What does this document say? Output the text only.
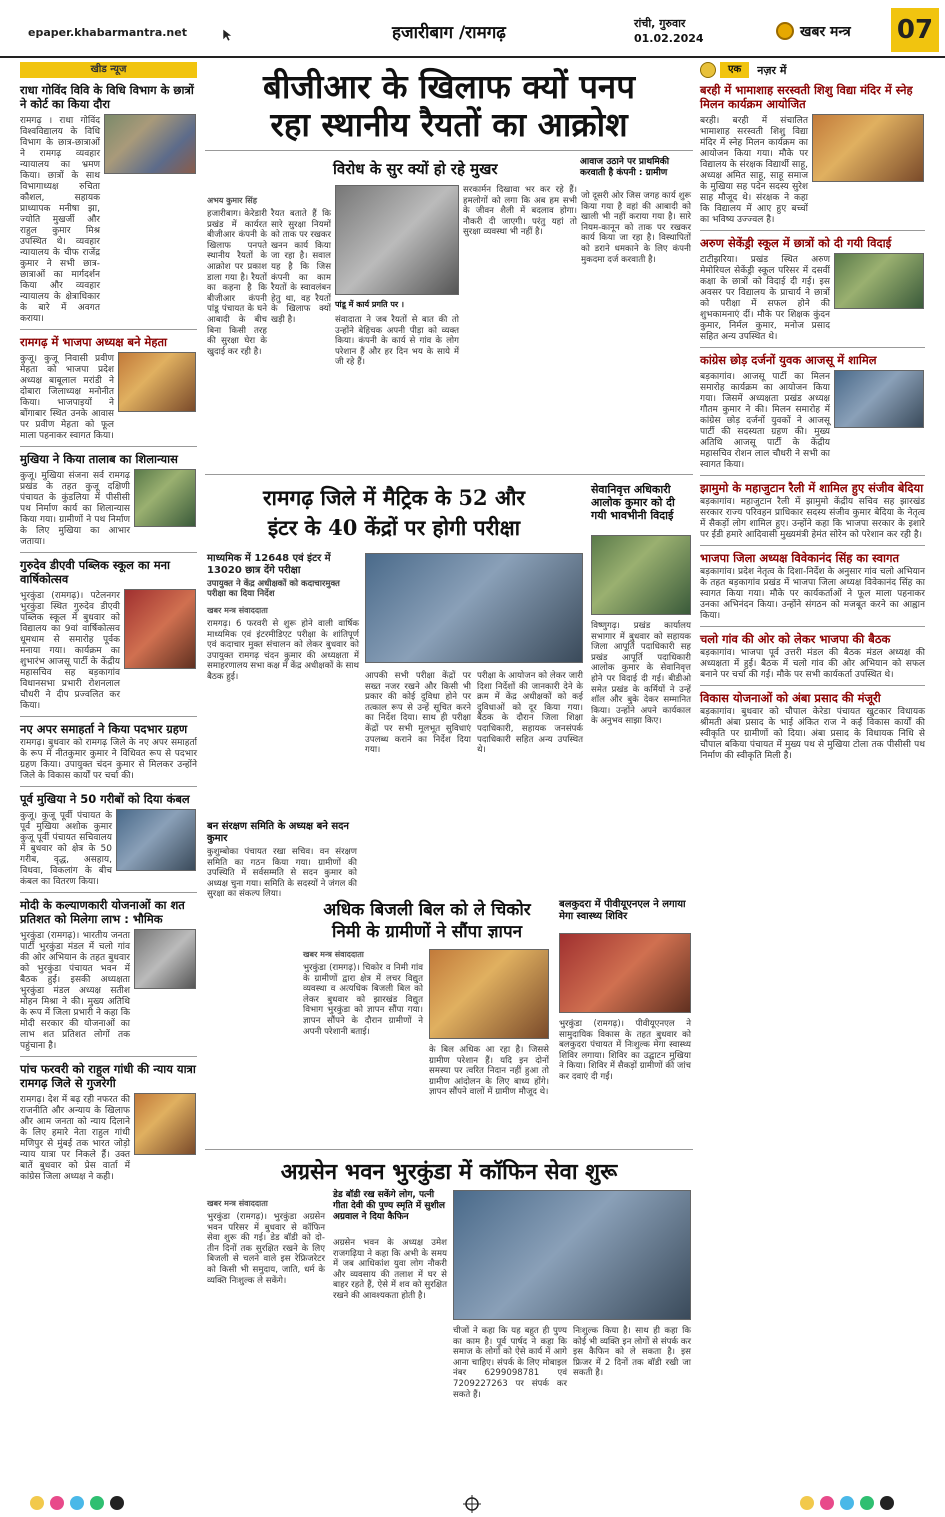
epaper.khabarmantra.net	हजारीबाग /रामगढ़	रांची, गुरुवार
01.02.2024	खबर मन्त्र 07
खीड न्यूज
राधा गोविंद विवि के विधि विभाग के छात्रों ने कोर्ट का किया दौरा
रामगढ़ । राधा गोविंद विश्वविद्यालय के विधि विभाग के छात्र-छात्राओं ने रामगढ़ व्यवहार न्यायालय का भ्रमण किया। छात्रों के साथ विभागाध्यक्ष रुचिता कौशल, सहायक प्राध्यापक मनीषा झा, ज्योति मुखर्जी और राहुल कुमार मिश्र उपस्थित थे। व्यवहार न्यायालय के चीफ राजेंद्र कुमार ने सभी छात्र-छात्राओं का मार्गदर्शन किया और व्यवहार न्यायालय के क्षेत्राधिकार के बारे में अवगत कराया।
रामगढ़ में भाजपा अध्यक्ष बने मेहता
कुजू। कुजू निवासी प्रवीण मेहता को भाजपा प्रदेश अध्यक्ष बाबूलाल मरांडी ने दोबारा जिलाध्यक्ष मनोनीत किया। भाजपाइयों ने बोंगाबार स्थित उनके आवास पर प्रवीण मेहता को फूल माला पहनाकर स्वागत किया।
मुखिया ने किया तालाब का शिलान्यास
कुजू। मुखिया संजना सर्व रामगढ़ प्रखंड के तहत कुजू दक्षिणी पंचायत के कुंडलिया में पीसीसी पथ निर्माण कार्य का शिलान्यास किया गया। ग्रामीणों ने पथ निर्माण के लिए मुखिया का आभार जताया।
गुरुदेव डीएवी पब्लिक स्कूल का मना वार्षिकोत्सव
भुरकुंडा (रामगढ़)। पटेलनगर भुरकुंडा स्थित गुरुदेव डीएवी पब्लिक स्कूल में बुधवार को विद्यालय का 9वां वार्षिकोत्सव धूमधाम से समारोह पूर्वक मनाया गया। कार्यक्रम का शुभारंभ आजसू पार्टी के केंद्रीय महासचिव सह बड़कागांव विधानसभा प्रभारी रोशनलाल चौधरी ने दीप प्रज्वलित कर किया।
नए अपर समाहर्ता ने किया पदभार ग्रहण
रामगढ़। बुधवार को रामगढ़ जिले के नए अपर समाहर्ता के रूप में नीतकुमार कुमार ने विधिवत रूप से पदभार ग्रहण किया। उपायुक्त चंदन कुमार से मिलकर उन्होंने जिले के विकास कार्यों पर चर्चा की।
पूर्व मुखिया ने 50 गरीबों को दिया कंबल
कुजू। कुजू पूर्वी पंचायत के पूर्व मुखिया अशोक कुमार कुजू पूर्वी पंचायत सचिवालय में बुधवार को क्षेत्र के 50 गरीब, वृद्ध, असहाय, विधवा, विकलांग के बीच कंबल का वितरण किया।
मोदी के कल्याणकारी योजनाओं का शत प्रतिशत को मिलेगा लाभ : भौमिक
भुरकुंडा (रामगढ़)। भारतीय जनता पार्टी भुरकुंडा मंडल में चलो गांव की ओर अभियान के तहत बुधवार को भुरकुंडा पंचायत भवन में बैठक हुई। इसकी अध्यक्षता भुरकुंडा मंडल अध्यक्ष सतीश मोहन मिश्रा ने की। मुख्य अतिथि के रूप में जिला प्रभारी ने कहा कि मोदी सरकार की योजनाओं का लाभ शत प्रतिशत लोगों तक पहुंचाना है।
पांच फरवरी को राहुल गांधी की न्याय यात्रा रामगढ़ जिले से गुजरेगी
रामगढ़। देश में बढ़ रही नफरत की राजनीति और अन्याय के खिलाफ और आम जनता को न्याय दिलाने के लिए हमारे नेता राहुल गांधी मणिपुर से मुंबई तक भारत जोड़ो न्याय यात्रा पर निकले हैं। उक्त बातें बुधवार को प्रेस वार्ता में कांग्रेस जिला अध्यक्ष ने कही।
बीजीआर के खिलाफ क्यों पनप
रहा स्थानीय रैयतों का आक्रोश
विरोध के सुर क्यों हो रहे मुखर	आवाज उठाने पर प्राथमिकी करवाती है कंपनी : ग्रामीण
अभय कुमार सिंह
हजारीबाग। केरेडारी प्रखंड में कार्यरत बीजीआर कंपनी के खिलाफ पनपते स्थानीय रैयतों के आक्रोश पर प्रकाश डाला गया है। रैयतों का कहना है कि बीजीआर कंपनी पांडू पंचायत के घने आबादी के बीच बिना किसी तरह की सुरक्षा घेरा के खुदाई कर रही है।
रैयत बताते हैं कि सारे सुरक्षा नियमों को ताक पर रखकर खनन कार्य किया जा रहा है। सवाल यह है कि जिस कंपनी का काम रैयतों के स्वावलंबन हेतु था, वह रैयतों के खिलाफ क्यों खड़ी है।
पांडू में कार्य प्रगति पर ।
संवादाता ने जब रैयतों से बात की तो उन्होंने बेहिचक अपनी पीड़ा को व्यक्त किया। कंपनी के कार्य से गांव के लोग परेशान हैं और हर दिन भय के साये में जी रहे हैं।
सरकार्मन दिखावा भर कर रहे हैं। हमलोगों को लगा कि अब हम सभी के जीवन शैली में बदलाव होगा। नौकरी दी जाएगी। परंतु यहां तो सुरक्षा व्यवस्था भी नहीं है।
जो दूसरी ओर जिस जगह कार्य शुरू किया गया है वहां की आबादी को खाली भी नहीं कराया गया है। सारे नियम-कानून को ताक पर रखकर कार्य किया जा रहा है। विस्थापितों को डराने धमकाने के लिए कंपनी मुकदमा दर्ज करवाती है।
रामगढ़ जिले में मैट्रिक के 52 और
इंटर के 40 केंद्रों पर होगी परीक्षा
माध्यमिक में 12648 एवं इंटर में 13020 छात्र देंगे परीक्षा
उपायुक्त ने केंद्र अधीक्षकों को कदाचारमुक्त परीक्षा का दिया निर्देश
खबर मन्त्र संवाददाता
रामगढ़। 6 फरवरी से शुरू होने वाली वार्षिक माध्यमिक एवं इंटरमीडिएट परीक्षा के शांतिपूर्ण एवं कदाचार मुक्त संचालन को लेकर बुधवार को उपायुक्त रामगढ़ चंदन कुमार की अध्यक्षता में समाहरणालय सभा कक्ष में केंद्र अधीक्षकों के साथ बैठक हुई।	आपकी सभी परीक्षा केंद्रों पर सख्त नजर रखने और किसी भी प्रकार की कोई दुविधा होने पर तत्काल रूप से उन्हें सूचित करने का निर्देश दिया। साथ ही परीक्षा केंद्रों पर सभी मूलभूत सुविधाएं उपलब्ध कराने का निर्देश दिया गया।
परीक्षा के आयोजन को लेकर जारी दिशा निर्देशों की जानकारी देने के क्रम में केंद्र अधीक्षकों को कई दुविधाओं को दूर किया गया। बैठक के दौरान जिला शिक्षा पदाधिकारी, सहायक जनसंपर्क पदाधिकारी सहित अन्य उपस्थित थे।
सेवानिवृत्त अधिकारी आलोक कुमार को दी गयी भावभीनी विदाई
विष्णुगढ़। प्रखंड कार्यालय सभागार में बुधवार को सहायक जिला आपूर्ति पदाधिकारी सह प्रखंड आपूर्ति पदाधिकारी आलोक कुमार के सेवानिवृत्त होने पर विदाई दी गई। बीडीओ समेत प्रखंड के कर्मियों ने उन्हें शॉल और बुके देकर सम्मानित किया। उन्होंने अपने कार्यकाल के अनुभव साझा किए।
बन संरक्षण समिति के अध्यक्ष बने सदन कुमार
कुशुम्बोका पंचायत रखा सचिव। वन संरक्षण समिति का गठन किया गया। ग्रामीणों की उपस्थिति में सर्वसम्मति से सदन कुमार को अध्यक्ष चुना गया। समिति के सदस्यों ने जंगल की सुरक्षा का संकल्प लिया।
अधिक बिजली बिल को ले चिकोर
निमी के ग्रामीणों ने सौंपा ज्ञापन
खबर मन्त्र संवाददाता
भुरकुंडा (रामगढ़)। चिकोर व निमी गांव के ग्रामीणों द्वारा क्षेत्र में लचर विद्युत व्यवस्था व अत्यधिक बिजली बिल को लेकर बुधवार को झारखंड विद्युत विभाग भुरकुंडा को ज्ञापन सौंपा गया। ज्ञापन सौंपने के दौरान ग्रामीणों ने अपनी परेशानी बताई।
के बिल अधिक आ रहा है। जिससे ग्रामीण परेशान हैं। यदि इन दोनों समस्या पर त्वरित निदान नहीं हुआ तो ग्रामीण आंदोलन के लिए बाध्य होंगे। ज्ञापन सौंपने वालों में ग्रामीण मौजूद थे।
बलकुदरा में पीवीयूएनएल ने लगाया मेगा स्वास्थ्य शिविर
भुरकुंडा (रामगढ़)। पीवीयूएनएल ने सामुदायिक विकास के तहत बुधवार को बलकुदरा पंचायत में निःशुल्क मेगा स्वास्थ्य शिविर लगाया। शिविर का उद्घाटन मुखिया ने किया। शिविर में सैकड़ों ग्रामीणों की जांच कर दवाएं दी गईं।
अग्रसेन भवन भुरकुंडा में कॉफिन सेवा शुरू
खबर मन्त्र संवाददाता
डेड बॉडी रख सकेंगे लोग, पत्नी गीता देवी की पुण्य स्मृति में सुशील अग्रवाल ने दिया कैफिन
भुरकुंडा (रामगढ़)। भुरकुंडा अग्रसेन भवन परिसर में बुधवार से कॉफिन सेवा शुरू की गई। डेड बॉडी को दो-तीन दिनों तक सुरक्षित रखने के लिए बिजली से चलने वाले इस रेफ्रिजरेटर को किसी भी समुदाय, जाति, धर्म के व्यक्ति निःशुल्क ले सकेंगे।
अग्रसेन भवन के अध्यक्ष उमेश राजगढ़िया ने कहा कि अभी के समय में जब आधिकांश युवा लोग नौकरी और व्यवसाय की तलाश में घर से बाहर रहते हैं, ऐसे में शव को सुरक्षित रखने की आवश्यकता होती है।
चीजों ने कहा कि यह बहुत ही पुण्य का काम है। पूर्व पार्षद ने कहा कि समाज के लोगों को ऐसे कार्य में आगे आना चाहिए। संपर्क के लिए मोबाइल नंबर 6299098781 एवं 7209227263 पर संपर्क कर सकते हैं।
निःशुल्क किया है। साथ ही कहा कि कोई भी व्यक्ति इन लोगों से संपर्क कर इस कैफिन को ले सकता है। इस फ्रिजर में 2 दिनों तक बॉडी रखी जा सकती है।
एक	नज़र में
बरही में भामाशाह सरस्वती शिशु विद्या मंदिर में स्नेह मिलन कार्यक्रम आयोजित
बरही। बरही में संचालित भामाशाह सरस्वती शिशु विद्या मंदिर में स्नेह मिलन कार्यक्रम का आयोजन किया गया। मौके पर विद्यालय के संरक्षक विद्यार्थी साहू, अध्यक्ष अमित साहू, साहू समाज के मुखिया सह पदेन सदस्य सुरेश साह मौजूद थे। संरक्षक ने कहा कि विद्यालय में आए हुए बच्चों का भविष्य उज्ज्वल है।
अरुण सेकेंड्री स्कूल में छात्रों को दी गयी विदाई
टाटीझरिया। प्रखंड स्थित अरुण मेमोरियल सेकेंड्री स्कूल परिसर में दसवीं कक्षा के छात्रों को विदाई दी गई। इस अवसर पर विद्यालय के प्राचार्य ने छात्रों को परीक्षा में सफल होने की शुभकामनाएं दीं। मौके पर शिक्षक कुंदन कुमार, निर्मल कुमार, मनोज प्रसाद सहित अन्य उपस्थित थे।
कांग्रेस छोड़ दर्जनों युवक आजसू में शामिल
बड़कागांव। आजसू पार्टी का मिलन समारोह कार्यक्रम का आयोजन किया गया। जिसमें अध्यक्षता प्रखंड अध्यक्ष गौतम कुमार ने की। मिलन समारोह में कांग्रेस छोड़ दर्जनों युवकों ने आजसू पार्टी की सदस्यता ग्रहण की। मुख्य अतिथि आजसू पार्टी के केंद्रीय महासचिव रोशन लाल चौधरी ने सभी का स्वागत किया।
झामुमो के महाजुटान रैली में शामिल हुए संजीव बेदिया
बड़कागांव। महाजुटान रैली में झामुमो केंद्रीय सचिव सह झारखंड सरकार राज्य परिवहन प्राधिकार सदस्य संजीव कुमार बेदिया के नेतृत्व में सैकड़ों लोग शामिल हुए। उन्होंने कहा कि भाजपा सरकार के इशारे पर ईडी हमारे आदिवासी मुख्यमंत्री हेमंत सोरेन को परेशान कर रही है।
भाजपा जिला अध्यक्ष विवेकानंद सिंह का स्वागत
बड़कागांव। प्रदेश नेतृत्व के दिशा-निर्देश के अनुसार गांव चलो अभियान के तहत बड़कागांव प्रखंड में भाजपा जिला अध्यक्ष विवेकानंद सिंह का स्वागत किया गया। मौके पर कार्यकर्ताओं ने फूल माला पहनाकर उनका अभिनंदन किया। उन्होंने संगठन को मजबूत करने का आह्वान किया।
चलो गांव की ओर को लेकर भाजपा की बैठक
बड़कागांव। भाजपा पूर्व उत्तरी मंडल की बैठक मंडल अध्यक्ष की अध्यक्षता में हुई। बैठक में चलो गांव की ओर अभियान को सफल बनाने पर चर्चा की गई। मौके पर सभी कार्यकर्ता उपस्थित थे।
विकास योजनाओं को अंबा प्रसाद की मंजूरी
बड़कागांव। बुधवार को चौपाल केरेडा पंचायत खुटकार विधायक श्रीमती अंबा प्रसाद के भाई अंकित राज ने कई विकास कार्यों की स्वीकृति पर ग्रामीणों को दिया। अंबा प्रसाद के विधायक निधि से चौपाल बकिया पंचायत में मुख्य पथ से मुखिया टोला तक पीसीसी पथ निर्माण की स्वीकृति मिली है।
